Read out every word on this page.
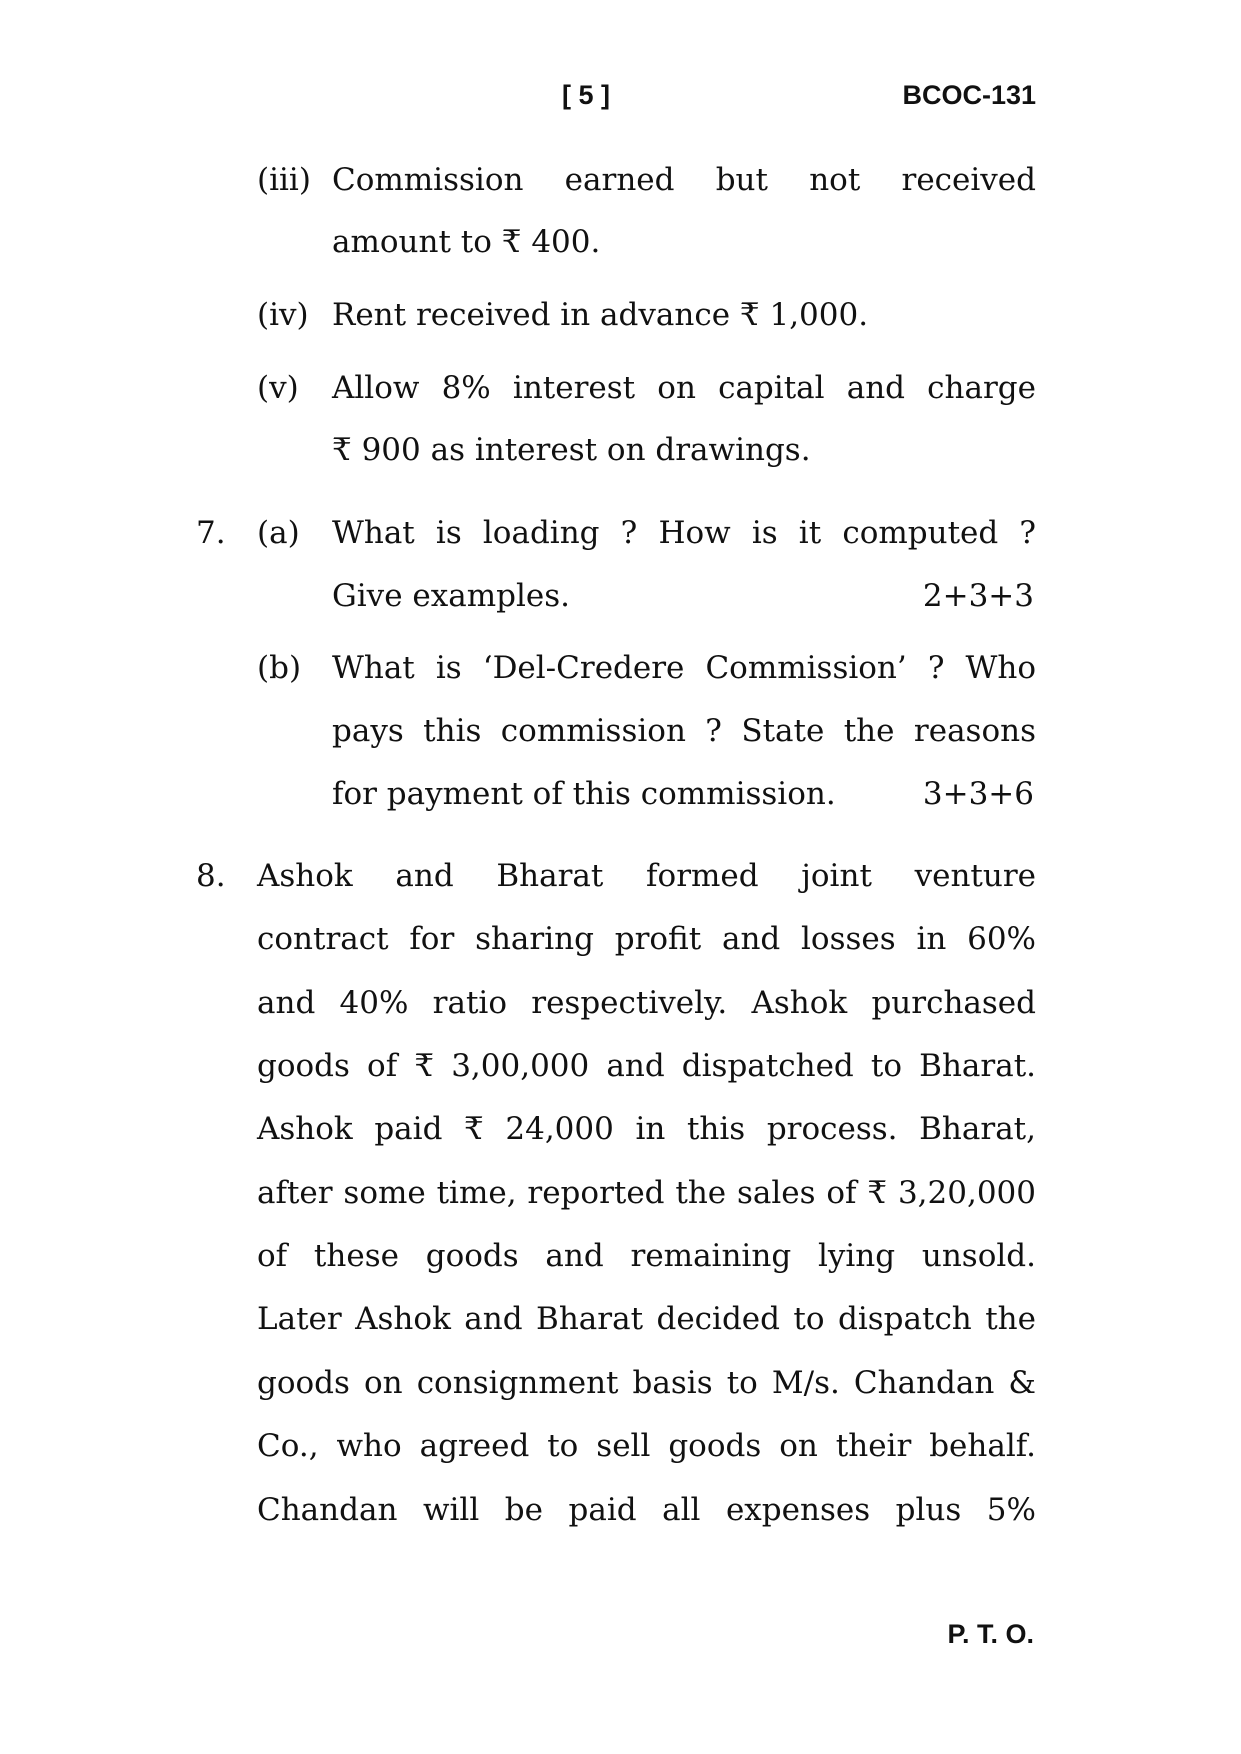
[ 5 ]	BCOC-131
(iii) Commission earned but not received
amount to ₹ 400.
(iv) Rent received in advance ₹ 1,000.
(v) Allow 8% interest on capital and charge
₹ 900 as interest on drawings.
7. (a) What is loading ? How is it computed ?
Give examples.	2+3+3
(b) What is ‘Del-Credere Commission’ ? Who
pays this commission ? State the reasons
for payment of this commission.	3+3+6
8. Ashok and Bharat formed joint venture
contract for sharing profit and losses in 60%
and 40% ratio respectively. Ashok purchased
goods of ₹ 3,00,000 and dispatched to Bharat.
Ashok paid ₹ 24,000 in this process. Bharat,
after some time, reported the sales of ₹ 3,20,000
of these goods and remaining lying unsold.
Later Ashok and Bharat decided to dispatch the
goods on consignment basis to M/s. Chandan &
Co., who agreed to sell goods on their behalf.
Chandan will be paid all expenses plus 5%
P. T. O.
